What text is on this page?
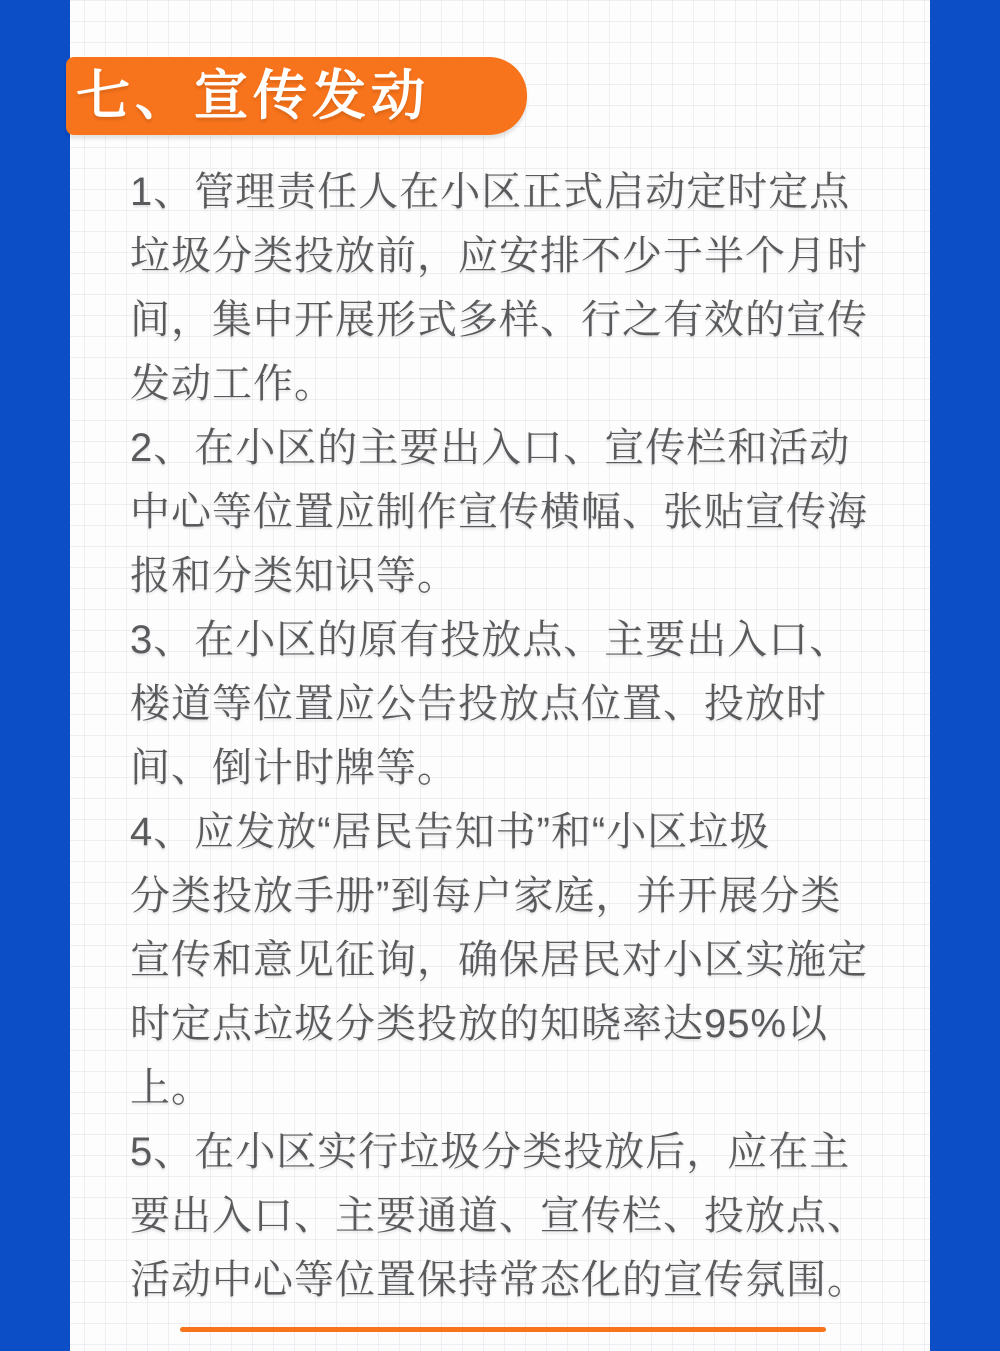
七、宣传发动
1、管理责任人在小区正式启动定时定点
垃圾分类投放前，应安排不少于半个月时
间，集中开展形式多样、行之有效的宣传
发动工作。
2、在小区的主要出入口、宣传栏和活动
中心等位置应制作宣传横幅、张贴宣传海
报和分类知识等。
3、在小区的原有投放点、主要出入口、
楼道等位置应公告投放点位置、投放时
间、倒计时牌等。
4、应发放“居民告知书”和“小区垃圾
分类投放手册”到每户家庭，并开展分类
宣传和意见征询，确保居民对小区实施定
时定点垃圾分类投放的知晓率达95%以
上。
5、在小区实行垃圾分类投放后，应在主
要出入口、主要通道、宣传栏、投放点、
活动中心等位置保持常态化的宣传氛围。
